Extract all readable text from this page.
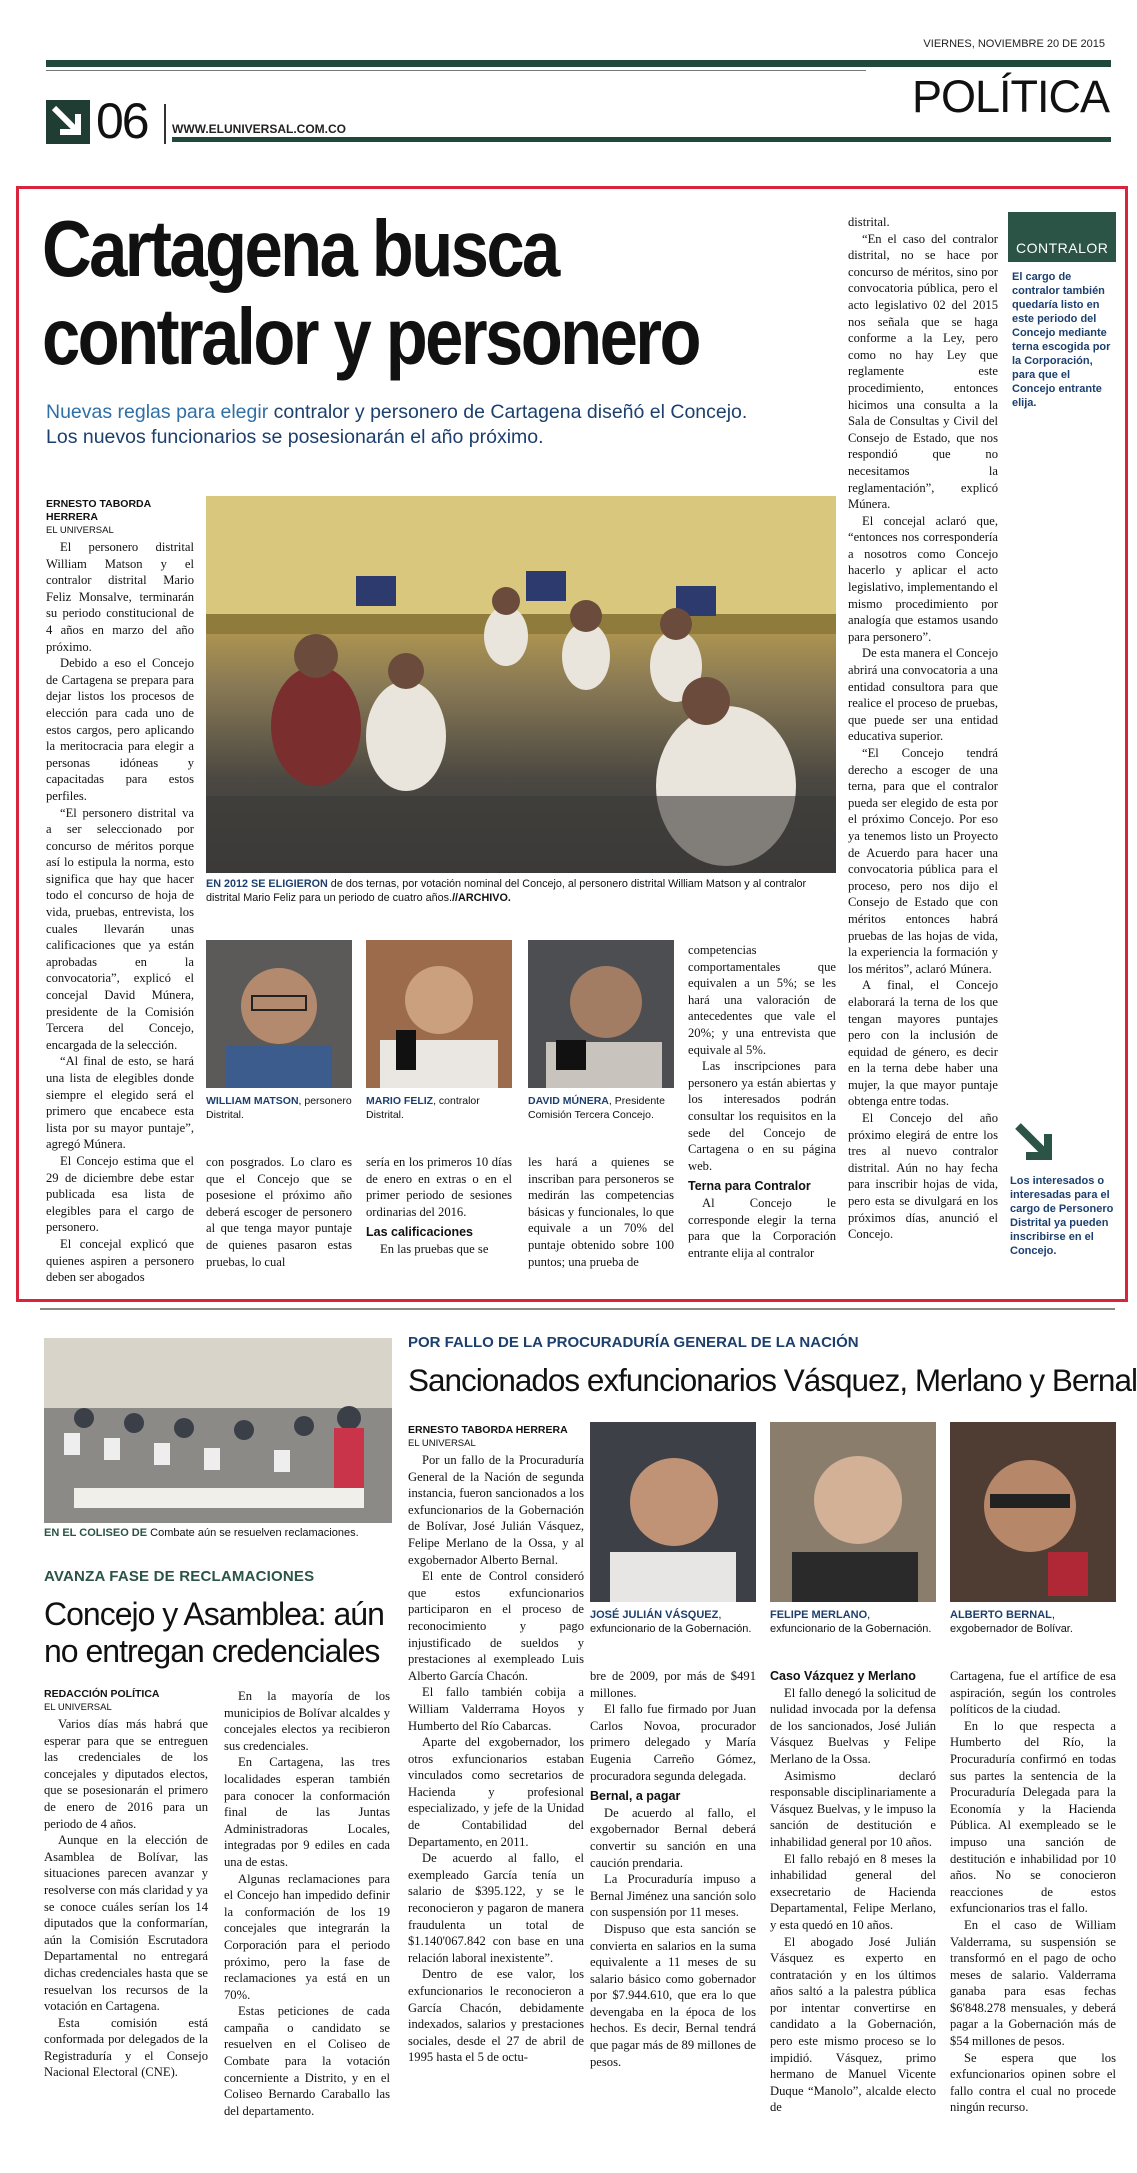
VIERNES, NOVIEMBRE 20 DE 2015
06 WWW.ELUNIVERSAL.COM.CO
POLÍTICA
Cartagena busca
contralor y personero
Nuevas reglas para elegir contralor y personero de Cartagena diseñó el Concejo.
Los nuevos funcionarios se posesionarán el año próximo.
ERNESTO TABORDA HERRERA
EL UNIVERSAL

El personero distrital William Matson y el contralor distrital Mario Feliz Monsalve, terminarán su periodo constitucional de 4 años en marzo del año próximo.

Debido a eso el Concejo de Cartagena se prepara para dejar listos los procesos de elección para cada uno de estos cargos, pero aplicando la meritocracia para elegir a personas idóneas y capacitadas para estos perfiles.

“El personero distrital va a ser seleccionado por concurso de méritos porque así lo estipula la norma, esto significa que hay que hacer todo el concurso de hoja de vida, pruebas, entrevista, los cuales llevarán unas calificaciones que ya están aprobadas en la convocatoria”, explicó el concejal David Múnera, presidente de la Comisión Tercera del Concejo, encargada de la selección.

“Al final de esto, se hará una lista de elegibles donde siempre el elegido será el primero que encabece esta lista por su mayor puntaje”, agregó Múnera.

El Concejo estima que el 29 de diciembre debe estar publicada esa lista de elegibles para el cargo de personero.

El concejal explicó que quienes aspiren a personero deben ser abogados

EN 2012 SE ELIGIERON de dos ternas, por votación nominal del Concejo, al personero distrital William Matson y al contralor distrital Mario Feliz para un periodo de cuatro años.//ARCHIVO.
WILLIAM MATSON, personero Distrital.
MARIO FELIZ, contralor Distrital.
DAVID MÚNERA, Presidente Comisión Tercera Concejo.

competencias comportamentales que equivalen a un 5%; se les hará una valoración de antecedentes que vale el 20%; y una entrevista que equivale al 5%.

Las inscripciones para personero ya están abiertas y los interesados podrán consultar los requisitos en la sede del Concejo de Cartagena o en su página web.

Terna para Contralor

Al Concejo le corresponde elegir la terna para que la Corporación entrante elija al contralor

con posgrados. Lo claro es que el Concejo que se posesione el próximo año deberá escoger de personero al que tenga mayor puntaje de quienes pasaron estas pruebas, lo cual

sería en los primeros 10 días de enero en extras o en el primer periodo de sesiones ordinarias del 2016.

Las calificaciones

En las pruebas que se

les hará a quienes se inscriban para personeros se medirán las competencias básicas y funcionales, lo que equivale a un 70% del puntaje obtenido sobre 100 puntos; una prueba de

distrital.

“En el caso del contralor distrital, no se hace por concurso de méritos, sino por convocatoria pública, pero el acto legislativo 02 del 2015 nos señala que se haga conforme a la Ley, pero como no hay Ley que reglamente este procedimiento, entonces hicimos una consulta a la Sala de Consultas y Civil del Consejo de Estado, que nos respondió que no necesitamos la reglamentación”, explicó Múnera.

El concejal aclaró que, “entonces nos correspondería a nosotros como Concejo hacerlo y aplicar el acto legislativo, implementando el mismo procedimiento por analogía que estamos usando para personero”.

De esta manera el Concejo abrirá una convocatoria a una entidad consultora para que realice el proceso de pruebas, que puede ser una entidad educativa superior.

“El Concejo tendrá derecho a escoger de una terna, para que el contralor pueda ser elegido de esta por el próximo Concejo. Por eso ya tenemos listo un Proyecto de Acuerdo para hacer una convocatoria pública para el proceso, pero nos dijo el Consejo de Estado que con méritos entonces habrá pruebas de las hojas de vida, la experiencia la formación y los méritos”, aclaró Múnera.

A final, el Concejo elaborará la terna de los que tengan mayores puntajes pero con la inclusión de equidad de género, es decir en la terna debe haber una mujer, la que mayor puntaje obtenga entre todas.

El Concejo del año próximo elegirá de entre los tres al nuevo contralor distrital. Aún no hay fecha para inscribir hojas de vida, pero esta se divulgará en los próximos días, anunció el Concejo.

CONTRALOR
El cargo de contralor también quedaría listo en este periodo del Concejo mediante terna escogida por la Corporación, para que el Concejo entrante elija.
Los interesados o interesadas para el cargo de Personero Distrital ya pueden inscribirse en el Concejo.
EN EL COLISEO DE Combate aún se resuelven reclamaciones.
AVANZA FASE DE RECLAMACIONES
Concejo y Asamblea: aún
no entregan credenciales
REDACCIÓN POLÍTICA
EL UNIVERSAL

Varios días más habrá que esperar para que se entreguen las credenciales de los concejales y diputados electos, que se posesionarán el primero de enero de 2016 para un periodo de 4 años.

Aunque en la elección de Asamblea de Bolívar, las situaciones parecen avanzar y resolverse con más claridad y ya se conoce cuáles serían los 14 diputados que la conformarían, aún la Comisión Escrutadora Departamental no entregará dichas credenciales hasta que se resuelvan los recursos de la votación en Cartagena.

Esta comisión está conformada por delegados de la Registraduría y el Consejo Nacional Electoral (CNE).

En la mayoría de los municipios de Bolívar alcaldes y concejales electos ya recibieron sus credenciales.

En Cartagena, las tres localidades esperan también para conocer la conformación final de las Juntas Administradoras Locales, integradas por 9 ediles en cada una de estas.

Algunas reclamaciones para el Concejo han impedido definir la conformación de los 19 concejales que integrarán la Corporación para el periodo próximo, pero la fase de reclamaciones ya está en un 70%.

Estas peticiones de cada campaña o candidato se resuelven en el Coliseo de Combate para la votación concerniente a Distrito, y en el Coliseo Bernardo Caraballo las del departamento.

POR FALLO DE LA PROCURADURÍA GENERAL DE LA NACIÓN
Sancionados exfuncionarios Vásquez, Merlano y Bernal
ERNESTO TABORDA HERRERA
EL UNIVERSAL

Por un fallo de la Procuraduría General de la Nación de segunda instancia, fueron sancionados a los exfuncionarios de la Gobernación de Bolívar, José Julián Vásquez, Felipe Merlano de la Ossa, y al exgobernador Alberto Bernal.

El ente de Control consideró que estos exfuncionarios participaron en el proceso de reconocimiento y pago injustificado de sueldos y prestaciones al exempleado Luis Alberto García Chacón.

El fallo también cobija a William Valderrama Hoyos y Humberto del Río Cabarcas.

Aparte del exgobernador, los otros exfuncionarios estaban vinculados como secretarios de Hacienda y profesional especializado, y jefe de la Unidad de Contabilidad del Departamento, en 2011.

De acuerdo al fallo, el exempleado García tenía un salario de $395.122, y se le reconocieron y pagaron de manera fraudulenta un total de $1.140'067.842 con base en una relación laboral inexistente”.

Dentro de ese valor, los exfuncionarios le reconocieron a García Chacón, debidamente indexados, salarios y prestaciones sociales, desde el 27 de abril de 1995 hasta el 5 de octu-

JOSÉ JULIÁN VÁSQUEZ, exfuncionario de la Gobernación.
FELIPE MERLANO, exfuncionario de la Gobernación.
ALBERTO BERNAL, exgobernador de Bolívar.

bre de 2009, por más de $491 millones.

El fallo fue firmado por Juan Carlos Novoa, procurador primero delegado y María Eugenia Carreño Gómez, procuradora segunda delegada.

Bernal, a pagar

De acuerdo al fallo, el exgobernador Bernal deberá convertir su sanción en una caución prendaria.

La Procuraduría impuso a Bernal Jiménez una sanción solo con suspensión por 11 meses.

Dispuso que esta sanción se convierta en salarios en la suma equivalente a 11 meses de su salario básico como gobernador por $7.944.610, que era lo que devengaba en la época de los hechos. Es decir, Bernal tendrá que pagar más de 89 millones de pesos.

Caso Vázquez y Merlano

El fallo denegó la solicitud de nulidad invocada por la defensa de los sancionados, José Julián Vásquez Buelvas y Felipe Merlano de la Ossa.

Asimismo declaró responsable disciplinariamente a Vásquez Buelvas, y le impuso la sanción de destitución e inhabilidad general por 10 años.

El fallo rebajó en 8 meses la inhabilidad general del exsecretario de Hacienda Departamental, Felipe Merlano, y esta quedó en 10 años.

El abogado José Julián Vásquez es experto en contratación y en los últimos años saltó a la palestra pública por intentar convertirse en candidato a la Gobernación, pero este mismo proceso se lo impidió. Vásquez, primo hermano de Manuel Vicente Duque “Manolo”, alcalde electo de

Cartagena, fue el artífice de esa aspiración, según los controles políticos de la ciudad.

En lo que respecta a Humberto del Río, la Procuraduría confirmó en todas sus partes la sentencia de la Procuraduría Delegada para la Economía y la Hacienda Pública. Al exempleado se le impuso una sanción de destitución e inhabilidad por 10 años. No se conocieron reacciones de estos exfuncionarios tras el fallo.

En el caso de William Valderrama, su suspensión se transformó en el pago de ocho meses de salario. Valderrama ganaba para esas fechas $6'848.278 mensuales, y deberá pagar a la Gobernación más de $54 millones de pesos.

Se espera que los exfuncionarios opinen sobre el fallo contra el cual no procede ningún recurso.
